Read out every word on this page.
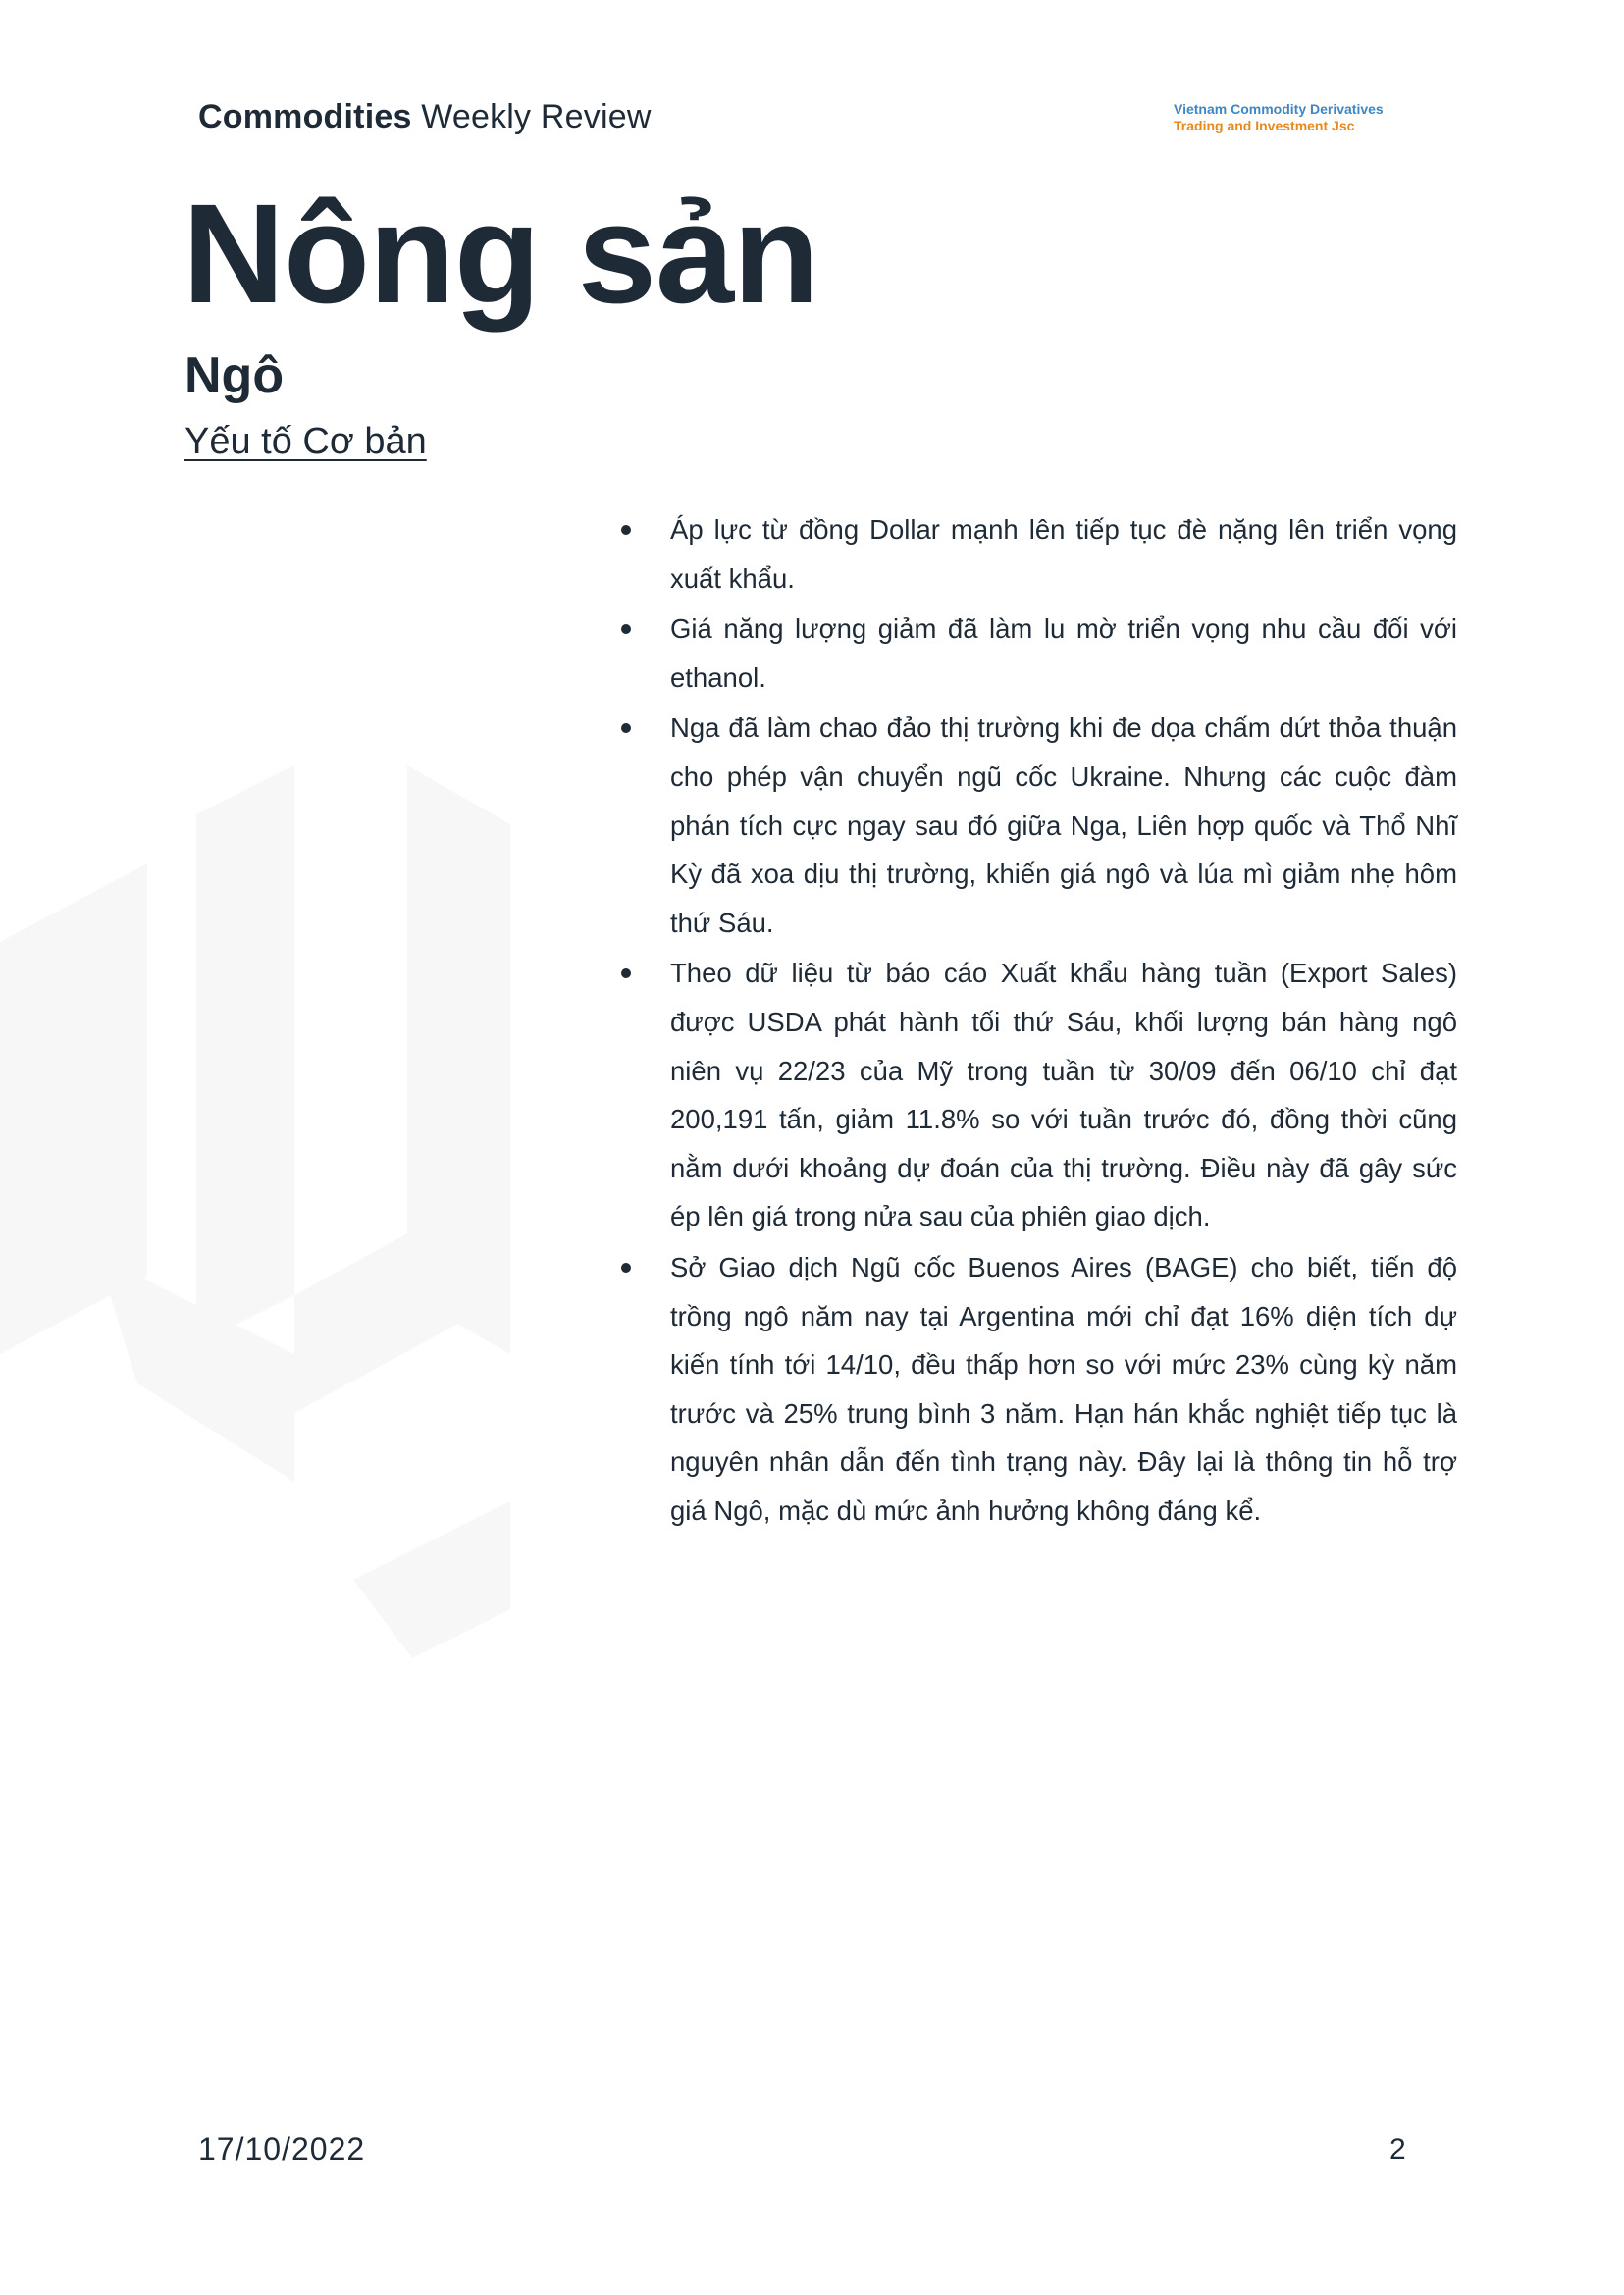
Commodities Weekly Review	Vietnam Commodity Derivatives
Trading and Investment Jsc
Nông sản
Ngô
Yếu tố Cơ bản
Áp lực từ đồng Dollar mạnh lên tiếp tục đè nặng lên triển vọng xuất khẩu.
Giá năng lượng giảm đã làm lu mờ triển vọng nhu cầu đối với ethanol.
Nga đã làm chao đảo thị trường khi đe dọa chấm dứt thỏa thuận cho phép vận chuyển ngũ cốc Ukraine. Nhưng các cuộc đàm phán tích cực ngay sau đó giữa Nga, Liên hợp quốc và Thổ Nhĩ Kỳ đã xoa dịu thị trường, khiến giá ngô và lúa mì giảm nhẹ hôm thứ Sáu.
Theo dữ liệu từ báo cáo Xuất khẩu hàng tuần (Export Sales) được USDA phát hành tối thứ Sáu, khối lượng bán hàng ngô niên vụ 22/23 của Mỹ trong tuần từ 30/09 đến 06/10 chỉ đạt 200,191 tấn, giảm 11.8% so với tuần trước đó, đồng thời cũng nằm dưới khoảng dự đoán của thị trường. Điều này đã gây sức ép lên giá trong nửa sau của phiên giao dịch.
Sở Giao dịch Ngũ cốc Buenos Aires (BAGE) cho biết, tiến độ trồng ngô năm nay tại Argentina mới chỉ đạt 16% diện tích dự kiến tính tới 14/10, đều thấp hơn so với mức 23% cùng kỳ năm trước và 25% trung bình 3 năm. Hạn hán khắc nghiệt tiếp tục là nguyên nhân dẫn đến tình trạng này. Đây lại là thông tin hỗ trợ giá Ngô, mặc dù mức ảnh hưởng không đáng kể.
17/10/2022	2
